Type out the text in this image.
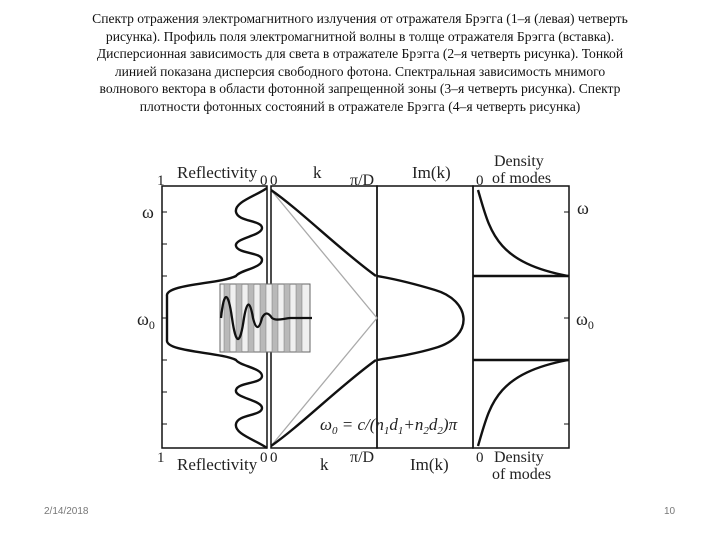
Спектр отражения электромагнитного излучения от отражателя Брэгга (1–я (левая) четверть
рисунка). Профиль поля электромагнитной волны в толще отражателя Брэгга (вставка).
Дисперсионная зависимость для света в отражателе Брэгга (2–я четверть рисунка). Тонкой
линией показана дисперсия свободного фотона. Спектральная зависимость мнимого
волнового вектора в области фотонной запрещенной зоны (3–я четверть рисунка). Спектр
плотности фотонных состояний в отражателе Брэгга (4–я четверть рисунка)
1 Reflectivity 0 0 k π/D Im(k) 0
Density
of modes
ω
$\omega_0$
ω
$\omega_0$
$\omega_0 = c/(n_1d_1+n_2d_2)\pi$
1 Reflectivity 0 0	k π/D Im(k) 0 Density
of modes
2/14/2018	10
